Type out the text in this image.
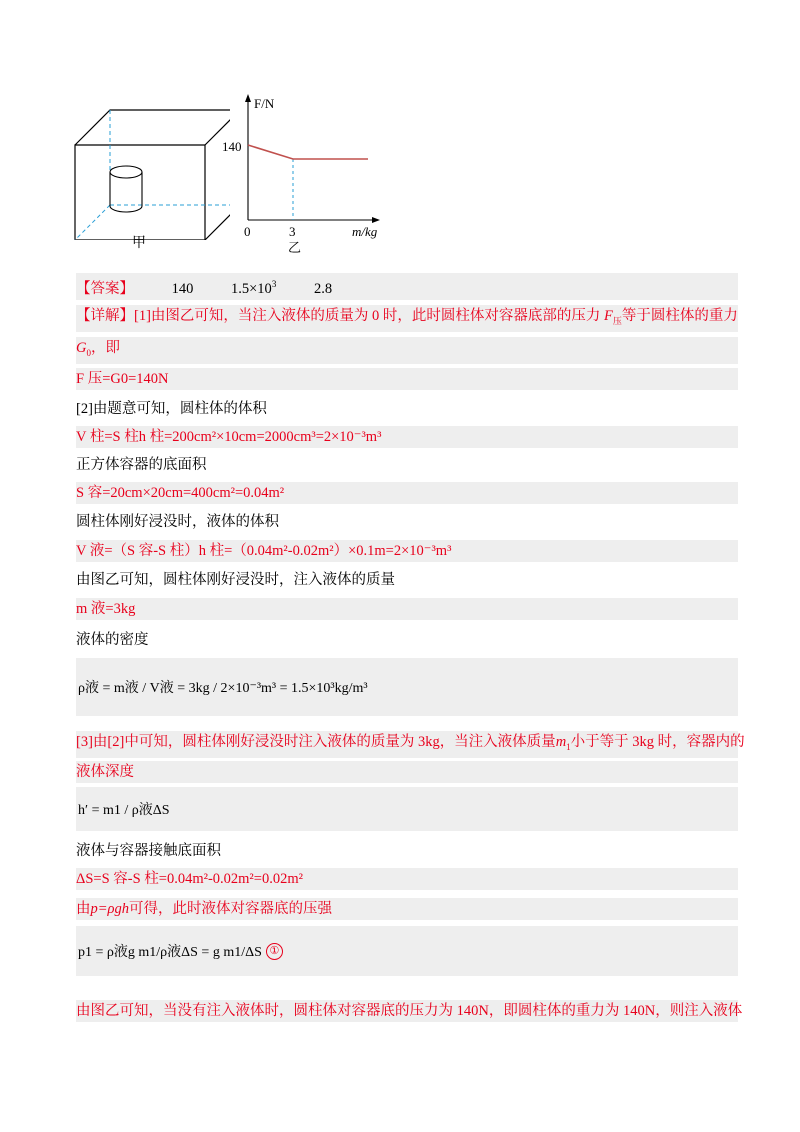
甲
F/N
140
0	3	m/kg
乙
【答案】	140	$1.5\times 10^3$	2.8
【详解】[1]由图乙可知，当注入液体的质量为 0 时，此时圆柱体对容器底部的压力 $F_压$等于圆柱体的重力
$G_0$，即
F 压=G0=140N
[2]由题意可知，圆柱体的体积
V 柱=S 柱h 柱=200cm²×10cm=2000cm³=2×10⁻³m³
正方体容器的底面积
S 容=20cm×20cm=400cm²=0.04m²
圆柱体刚好浸没时，液体的体积
V 液=（S 容-S 柱）h 柱=（0.04m²-0.02m²）×0.1m=2×10⁻³m³
由图乙可知，圆柱体刚好浸没时，注入液体的质量
m 液=3kg
液体的密度
ρ液 = m液 / V液 = 3kg / 2×10⁻³m³ = 1.5×10³kg/m³
[3]由[2]中可知，圆柱体刚好浸没时注入液体的质量为 3kg，当注入液体质量$m_1$小于等于 3kg 时，容器内的
液体深度
h′ = m1 / ρ液ΔS
液体与容器接触底面积
ΔS=S 容-S 柱=0.04m²-0.02m²=0.02m²
由p=ρgh可得，此时液体对容器底的压强
p1 = ρ液g m1/ρ液ΔS = g m1/ΔS ①
由图乙可知，当没有注入液体时，圆柱体对容器底的压力为 140N，即圆柱体的重力为 140N，则注入液体
